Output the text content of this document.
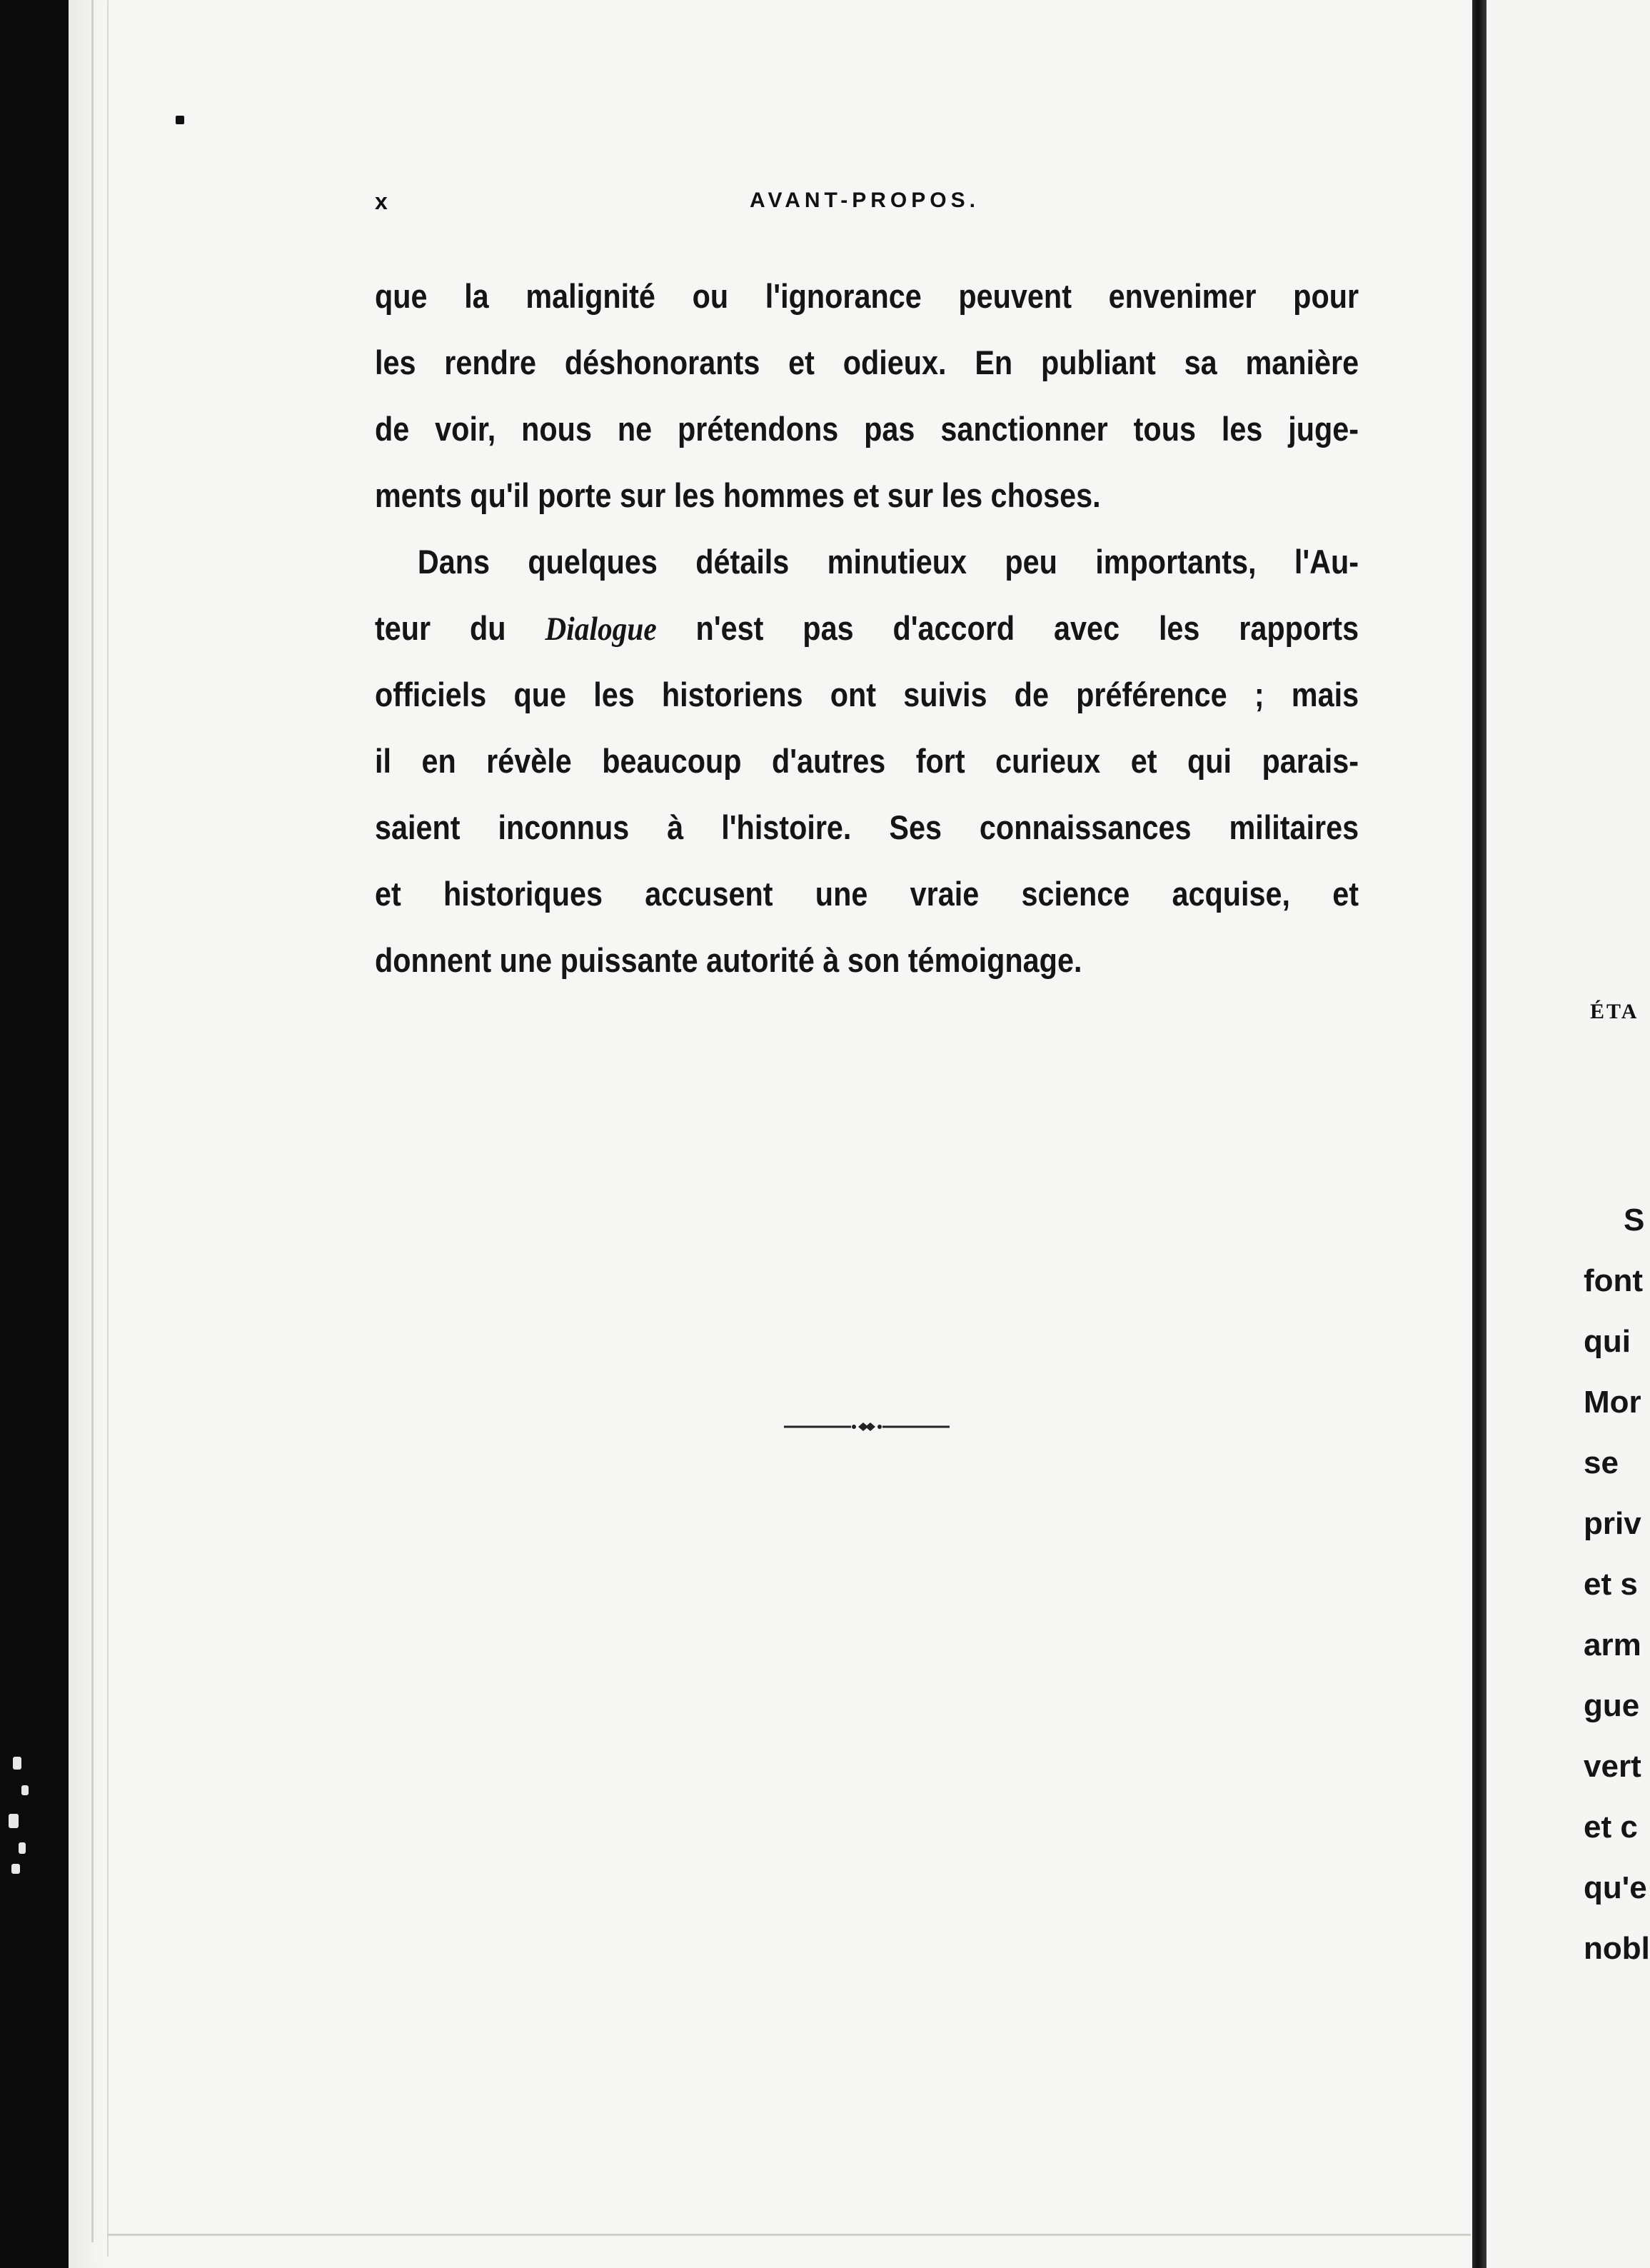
x	AVANT-PROPOS.
que la malignité ou l'ignorance peuvent envenimer pour
les rendre déshonorants et odieux. En publiant sa manière
de voir, nous ne prétendons pas sanctionner tous les juge-
ments qu'il porte sur les hommes et sur les choses.
Dans quelques détails minutieux peu importants, l'Au-
teur du Dialogue n'est pas d'accord avec les rapports
officiels que les historiens ont suivis de préférence ; mais
il en révèle beaucoup d'autres fort curieux et qui parais-
saient inconnus à l'histoire. Ses connaissances militaires
et historiques accusent une vraie science acquise, et
donnent une puissante autorité à son témoignage.
ÉTA
S
font
qui
Mor
se
priv
et s
arm
gue
vert
et c
qu'e
nobl
